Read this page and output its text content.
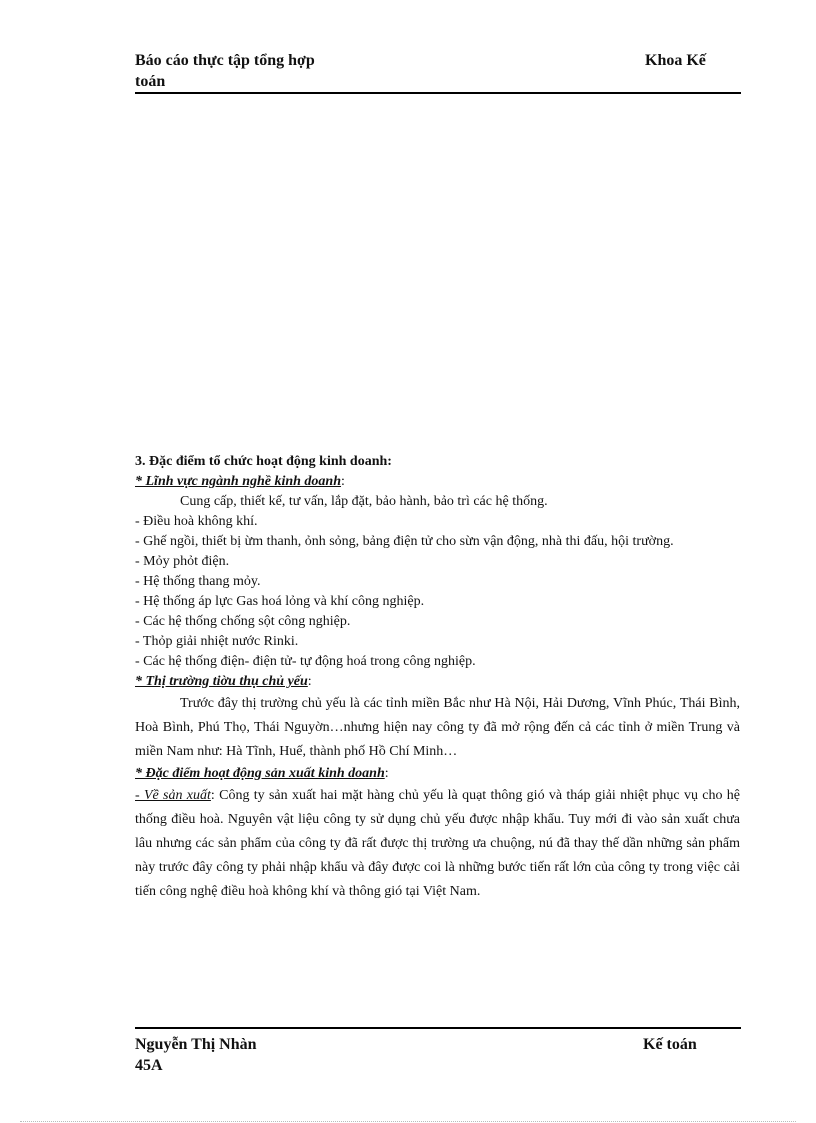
Báo cáo thực tập tổng hợp
toán
Khoa Kế

3. Đặc điểm tổ chức hoạt động kinh doanh:

* Lĩnh vực ngành nghề kinh doanh:

Cung cấp, thiết kế, tư vấn, lắp đặt, bảo hành, bảo trì các hệ thống.

- Điều hoà không khí.

- Ghế ngồi, thiết bị ừm thanh, ỏnh sỏng, bảng điện tử cho sừn vận động, nhà thi đấu, hội trường.

- Mỏy phỏt điện.

- Hệ thống thang mỏy.

- Hệ thống áp lực Gas hoá lỏng và khí công nghiệp.

- Các hệ thống chống sột công nghiệp.

- Thỏp giải nhiệt nước Rinki.

- Các hệ thống điện- điện tử- tự động hoá trong công nghiệp.

* Thị trường tiờu thụ chủ yếu:

Trước đây thị trường chủ yếu là các tỉnh miền Bắc như Hà Nội, Hải Dương, Vĩnh Phúc, Thái Bình, Hoà Bình, Phú Thọ, Thái Nguyờn…nhưng hiện nay công ty đã mở rộng đến cả các tỉnh ở miền Trung và miền Nam như: Hà Tĩnh, Huế, thành phố Hồ Chí Minh…

* Đặc điểm hoạt động sản xuất kinh doanh:

- Về sản xuất: Công ty sản xuất hai mặt hàng chủ yếu là quạt thông gió và tháp giải nhiệt phục vụ cho hệ thống điều hoà. Nguyên vật liệu công ty sử dụng chủ yếu được nhập khẩu. Tuy mới đi vào sản xuất chưa lâu nhưng các sản phẩm của công ty đã rất được thị trường ưa chuộng, nú đã thay thế dần những sản phẩm này trước đây công ty phải nhập khẩu và đây được coi là những bước tiến rất lớn của công ty trong việc cải tiến công nghệ điều hoà không khí và thông gió tại Việt Nam.

Nguyễn Thị Nhàn
45A
Kế toán
